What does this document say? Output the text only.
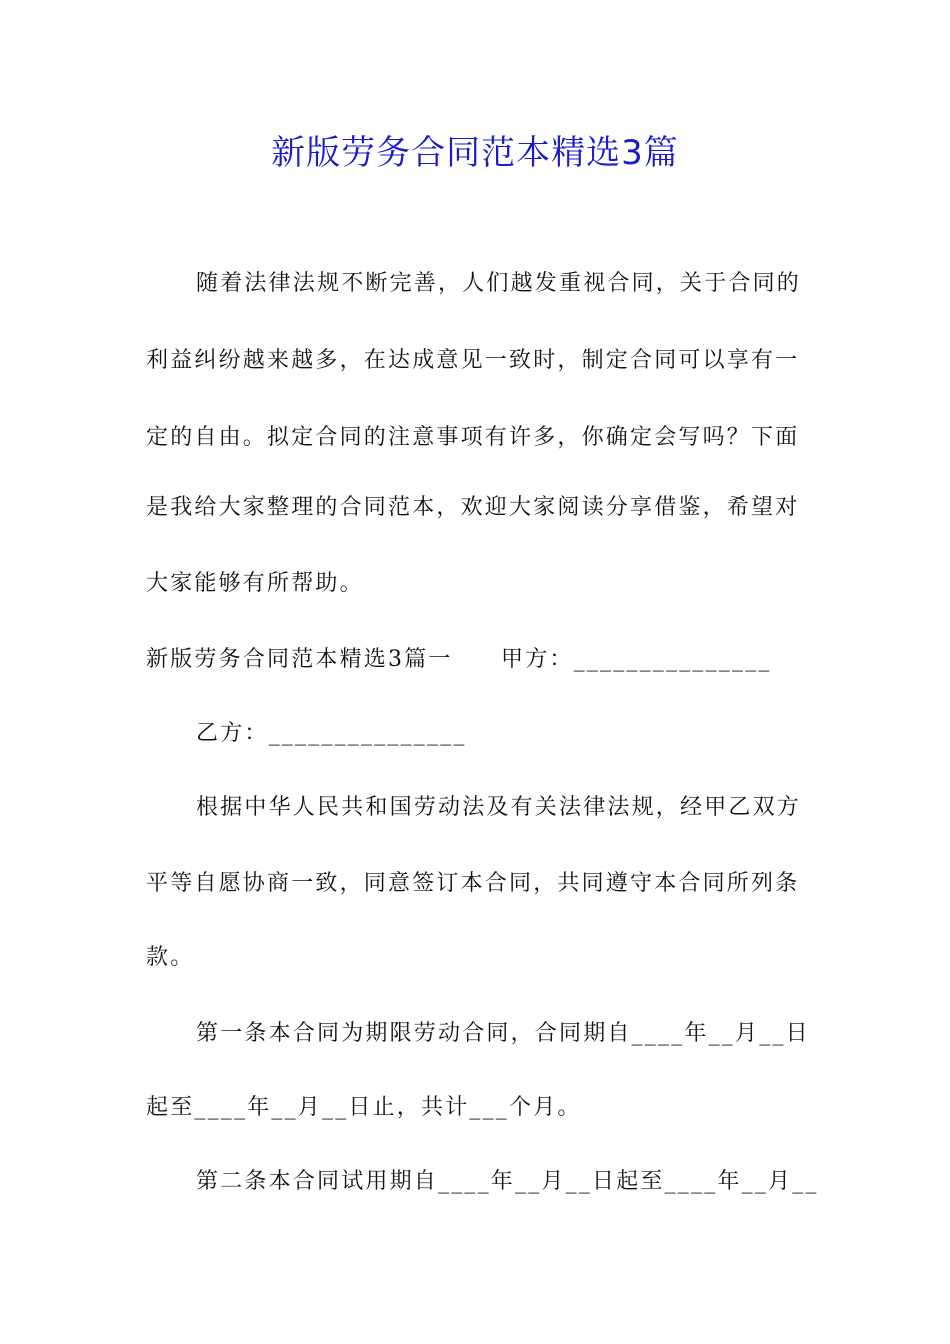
新版劳务合同范本精选3篇
随着法律法规不断完善，人们越发重视合同，关于合同的
利益纠纷越来越多，在达成意见一致时，制定合同可以享有一
定的自由。拟定合同的注意事项有许多，你确定会写吗？下面
是我给大家整理的合同范本，欢迎大家阅读分享借鉴，希望对
大家能够有所帮助。
新版劳务合同范本精选3篇一　　甲方：_______________
乙方：_______________
根据中华人民共和国劳动法及有关法律法规，经甲乙双方
平等自愿协商一致，同意签订本合同，共同遵守本合同所列条
款。
第一条本合同为期限劳动合同，合同期自____年__月__日
起至____年__月__日止，共计___个月。
第二条本合同试用期自____年__月__日起至____年__月__
